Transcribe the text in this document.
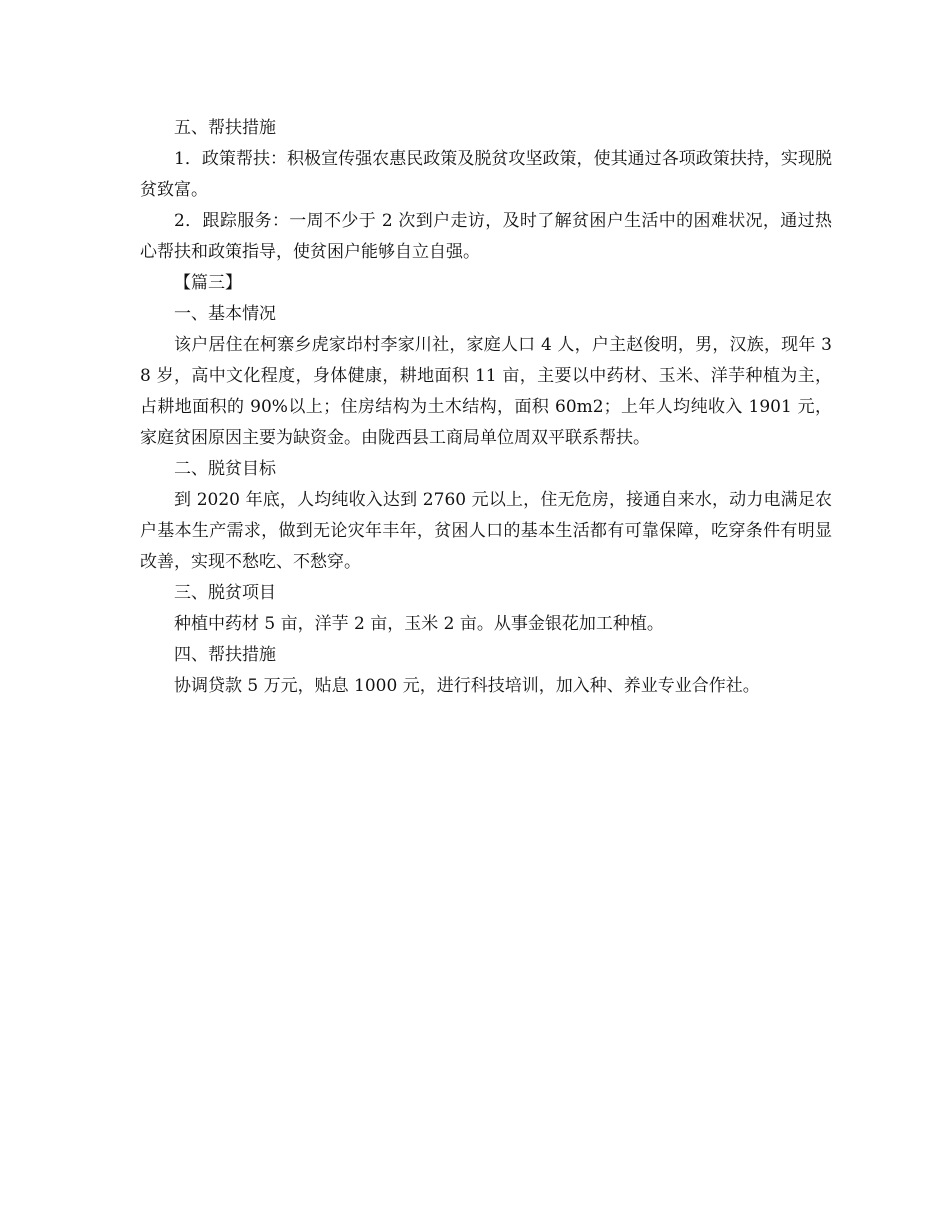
五、帮扶措施

1．政策帮扶：积极宣传强农惠民政策及脱贫攻坚政策，使其通过各项政策扶持，实现脱贫致富。

2．跟踪服务：一周不少于 2 次到户走访，及时了解贫困户生活中的困难状况，通过热心帮扶和政策指导，使贫困户能够自立自强。

【篇三】

一、基本情况

该户居住在柯寨乡虎家岇村李家川社，家庭人口 4 人，户主赵俊明，男，汉族，现年 38 岁，高中文化程度，身体健康，耕地面积 11 亩，主要以中药材、玉米、洋芋种植为主，占耕地面积的 90%以上；住房结构为土木结构，面积 60m2；上年人均纯收入 1901 元，家庭贫困原因主要为缺资金。由陇西县工商局单位周双平联系帮扶。

二、脱贫目标

到 2020 年底，人均纯收入达到 2760 元以上，住无危房，接通自来水，动力电满足农户基本生产需求，做到无论灾年丰年，贫困人口的基本生活都有可靠保障，吃穿条件有明显改善，实现不愁吃、不愁穿。

三、脱贫项目

种植中药材 5 亩，洋芋 2 亩，玉米 2 亩。从事金银花加工种植。

四、帮扶措施

协调贷款 5 万元，贴息 1000 元，进行科技培训，加入种、养业专业合作社。
